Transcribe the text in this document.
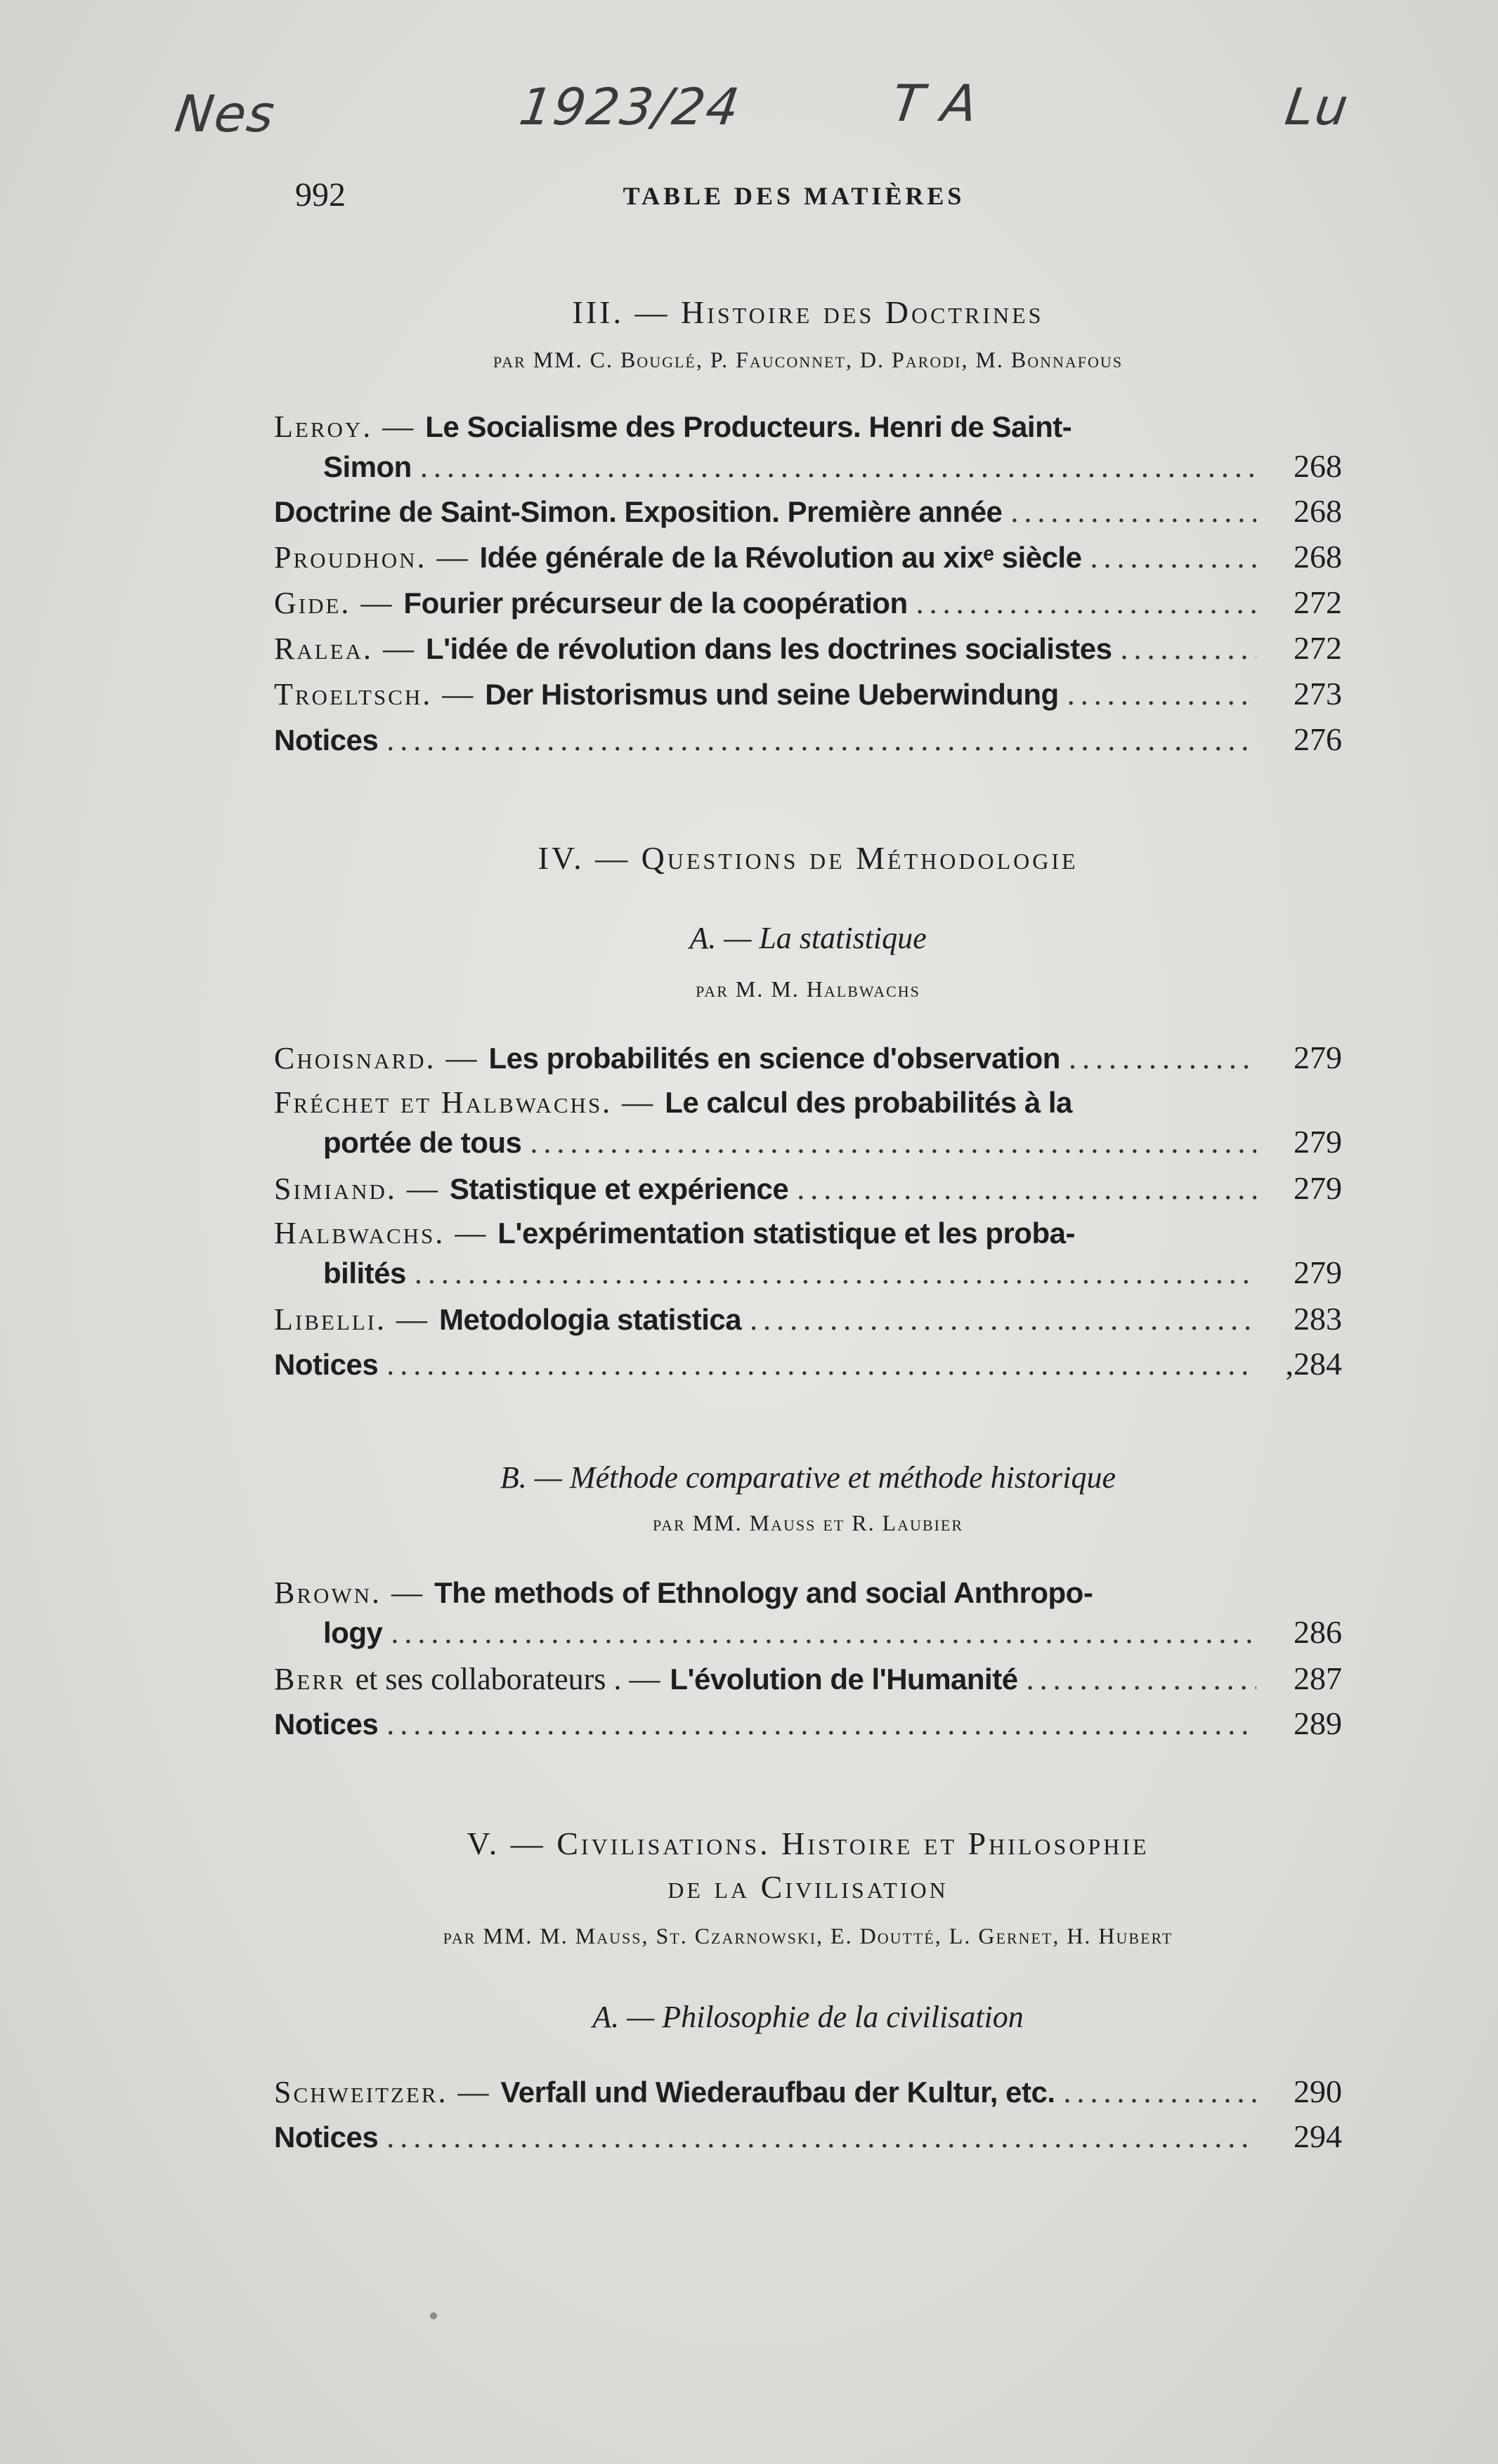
Nes	1923/24	T A	Lu
992	TABLE DES MATIÈRES
III. — Histoire des Doctrines
par MM. C. Bouglé, P. Fauconnet, D. Parodi, M. Bonnafous
Leroy. — Le Socialisme des Producteurs. Henri de Saint-
Simon .....	268
Doctrine de Saint-Simon. Exposition. Première année .....	268
Proudhon. — Idée générale de la Révolution au xixᵉ siècle .....	268
Gide. — Fourier précurseur de la coopération .....	272
Ralea. — L'idée de révolution dans les doctrines socialistes .....	272
Troeltsch. — Der Historismus und seine Ueberwindung .....	273
Notices .....	276
IV. — Questions de Méthodologie
A. — La statistique
par M. M. Halbwachs
Choisnard. — Les probabilités en science d'observation .....	279
Fréchet et Halbwachs. — Le calcul des probabilités à la
portée de tous .....	279
Simiand. — Statistique et expérience .....	279
Halbwachs. — L'expérimentation statistique et les proba-
bilités .....	279
Libelli. — Metodologia statistica .....	283
Notices .....	,284
B. — Méthode comparative et méthode historique
par MM. Mauss et R. Laubier
Brown. — The methods of Ethnology and social Anthropo-
logy .....	286
Berr et ses collaborateurs . — L'évolution de l'Humanité .....	287
Notices .....	289
V. — Civilisations. Histoire et Philosophie
de la Civilisation
par MM. M. Mauss, St. Czarnowski, E. Doutté, L. Gernet, H. Hubert
A. — Philosophie de la civilisation
Schweitzer. — Verfall und Wiederaufbau der Kultur, etc. .....	290
Notices .....	294
